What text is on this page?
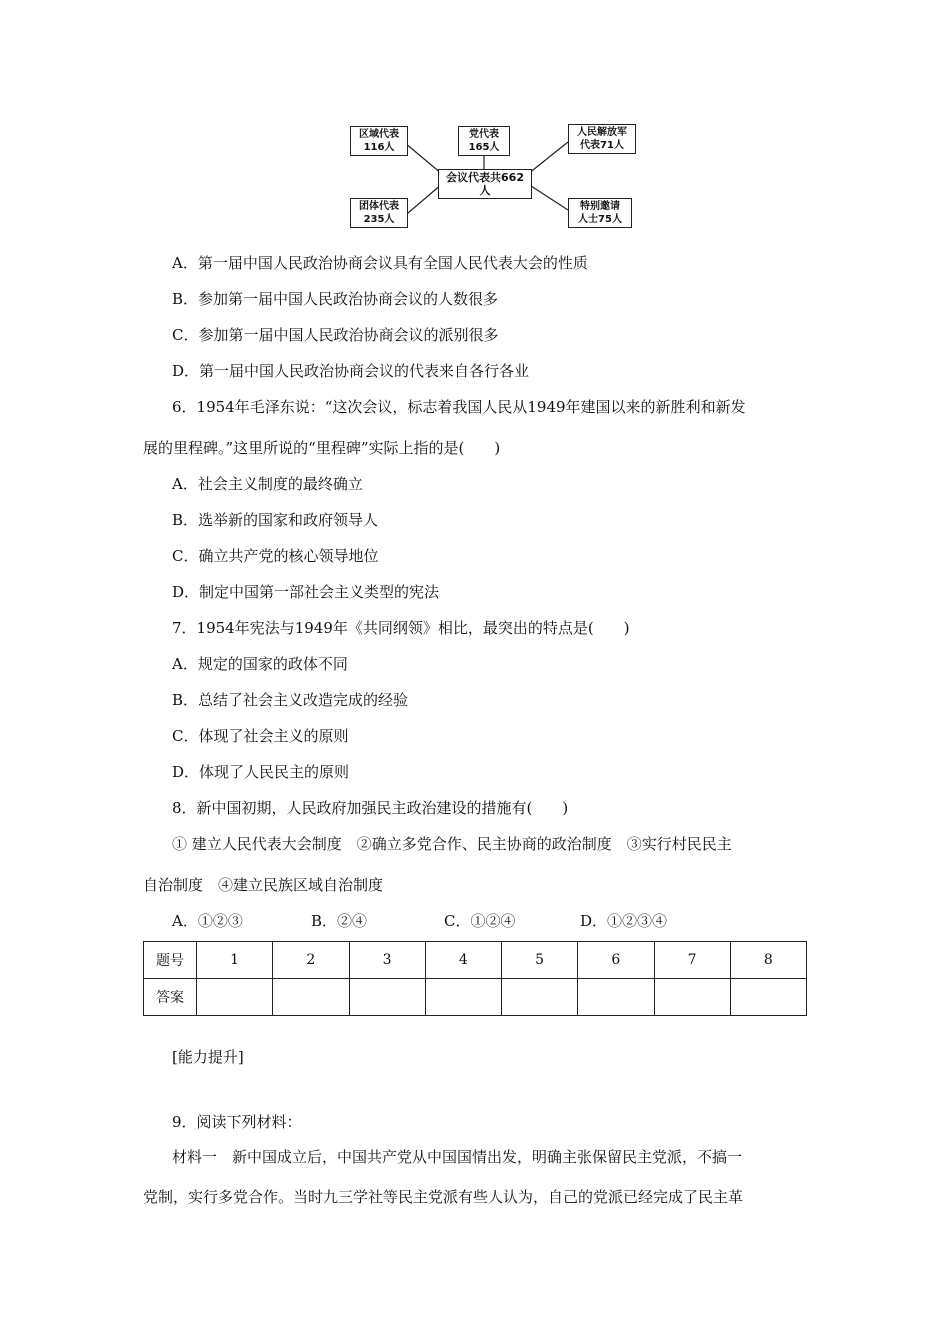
区域代表
116人
党代表
165人
人民解放军
代表71人
会议代表共662人
团体代表
235人
特别邀请
人士75人
A．第一届中国人民政治协商会议具有全国人民代表大会的性质
B．参加第一届中国人民政治协商会议的人数很多
C．参加第一届中国人民政治协商会议的派别很多
D．第一届中国人民政治协商会议的代表来自各行各业
6．1954年毛泽东说：“这次会议，标志着我国人民从1949年建国以来的新胜利和新发
展的里程碑。”这里所说的“里程碑”实际上指的是(　　)
A．社会主义制度的最终确立
B．选举新的国家和政府领导人
C．确立共产党的核心领导地位
D．制定中国第一部社会主义类型的宪法
7．1954年宪法与1949年《共同纲领》相比，最突出的特点是(　　)
A．规定的国家的政体不同
B．总结了社会主义改造完成的经验
C．体现了社会主义的原则
D．体现了人民民主的原则
8．新中国初期，人民政府加强民主政治建设的措施有(　　)
① 建立人民代表大会制度　②确立多党合作、民主协商的政治制度　③实行村民民主
自治制度　④建立民族区域自治制度
A．①②③	B．②④	C．①②④	D．①②③④
题号	1	2	3	4	5	6	7	8
答案								
[能力提升]
9．阅读下列材料：
材料一　新中国成立后，中国共产党从中国国情出发，明确主张保留民主党派，不搞一
党制，实行多党合作。当时九三学社等民主党派有些人认为，自己的党派已经完成了民主革
